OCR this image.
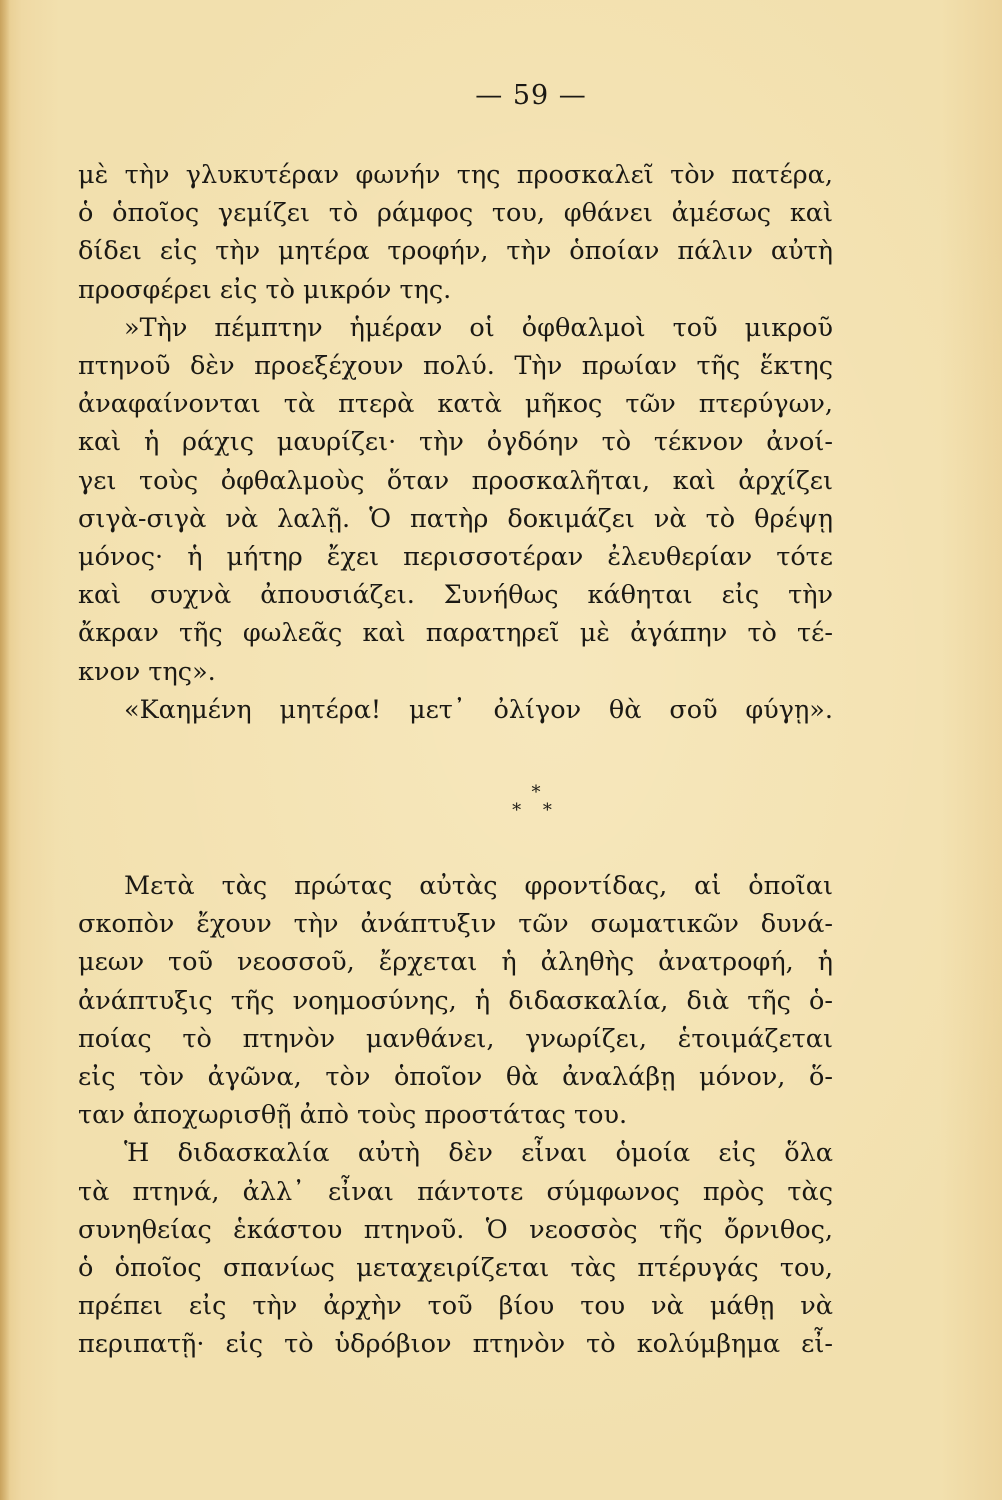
— 59 —
μὲ τὴν γλυκυτέραν φωνήν της προσκαλεῖ τὸν πατέρα,
ὁ ὁποῖος γεμίζει τὸ ράμφος του, φθάνει ἀμέσως καὶ
δίδει εἰς τὴν μητέρα τροφήν, τὴν ὁποίαν πάλιν αὐτὴ
προσφέρει εἰς τὸ μικρόν της.
»Τὴν πέμπτην ἡμέραν οἱ ὀφθαλμοὶ τοῦ μικροῦ
πτηνοῦ δὲν προεξέχουν πολύ. Τὴν πρωίαν τῆς ἕκτης
ἀναφαίνονται τὰ πτερὰ κατὰ μῆκος τῶν πτερύγων,
καὶ ἡ ράχις μαυρίζει· τὴν ὀγδόην τὸ τέκνον ἀνοί-
γει τοὺς ὀφθαλμοὺς ὅταν προσκαλῆται, καὶ ἀρχίζει
σιγὰ-σιγὰ νὰ λαλῇ. Ὁ πατὴρ δοκιμάζει νὰ τὸ θρέψῃ
μόνος· ἡ μήτηρ ἔχει περισσοτέραν ἐλευθερίαν τότε
καὶ συχνὰ ἀπουσιάζει. Συνήθως κάθηται εἰς τὴν
ἄκραν τῆς φωλεᾶς καὶ παρατηρεῖ μὲ ἀγάπην τὸ τέ-
κνον της».
«Καημένη μητέρα! μετ᾽ ὀλίγον θὰ σοῦ φύγῃ».
*
* *
Μετὰ τὰς πρώτας αὐτὰς φροντίδας, αἱ ὁποῖαι
σκοπὸν ἔχουν τὴν ἀνάπτυξιν τῶν σωματικῶν δυνά-
μεων τοῦ νεοσσοῦ, ἔρχεται ἡ ἀληθὴς ἀνατροφή, ἡ
ἀνάπτυξις τῆς νοημοσύνης, ἡ διδασκαλία, διὰ τῆς ὁ-
ποίας τὸ πτηνὸν μανθάνει, γνωρίζει, ἑτοιμάζεται
εἰς τὸν ἀγῶνα, τὸν ὁποῖον θὰ ἀναλάβῃ μόνον, ὅ-
ταν ἀποχωρισθῇ ἀπὸ τοὺς προστάτας του.
Ἡ διδασκαλία αὐτὴ δὲν εἶναι ὁμοία εἰς ὅλα
τὰ πτηνά, ἀλλ᾽ εἶναι πάντοτε σύμφωνος πρὸς τὰς
συνηθείας ἑκάστου πτηνοῦ. Ὁ νεοσσὸς τῆς ὄρνιθος,
ὁ ὁποῖος σπανίως μεταχειρίζεται τὰς πτέρυγάς του,
πρέπει εἰς τὴν ἀρχὴν τοῦ βίου του νὰ μάθῃ νὰ
περιπατῇ· εἰς τὸ ὑδρόβιον πτηνὸν τὸ κολύμβημα εἶ-
